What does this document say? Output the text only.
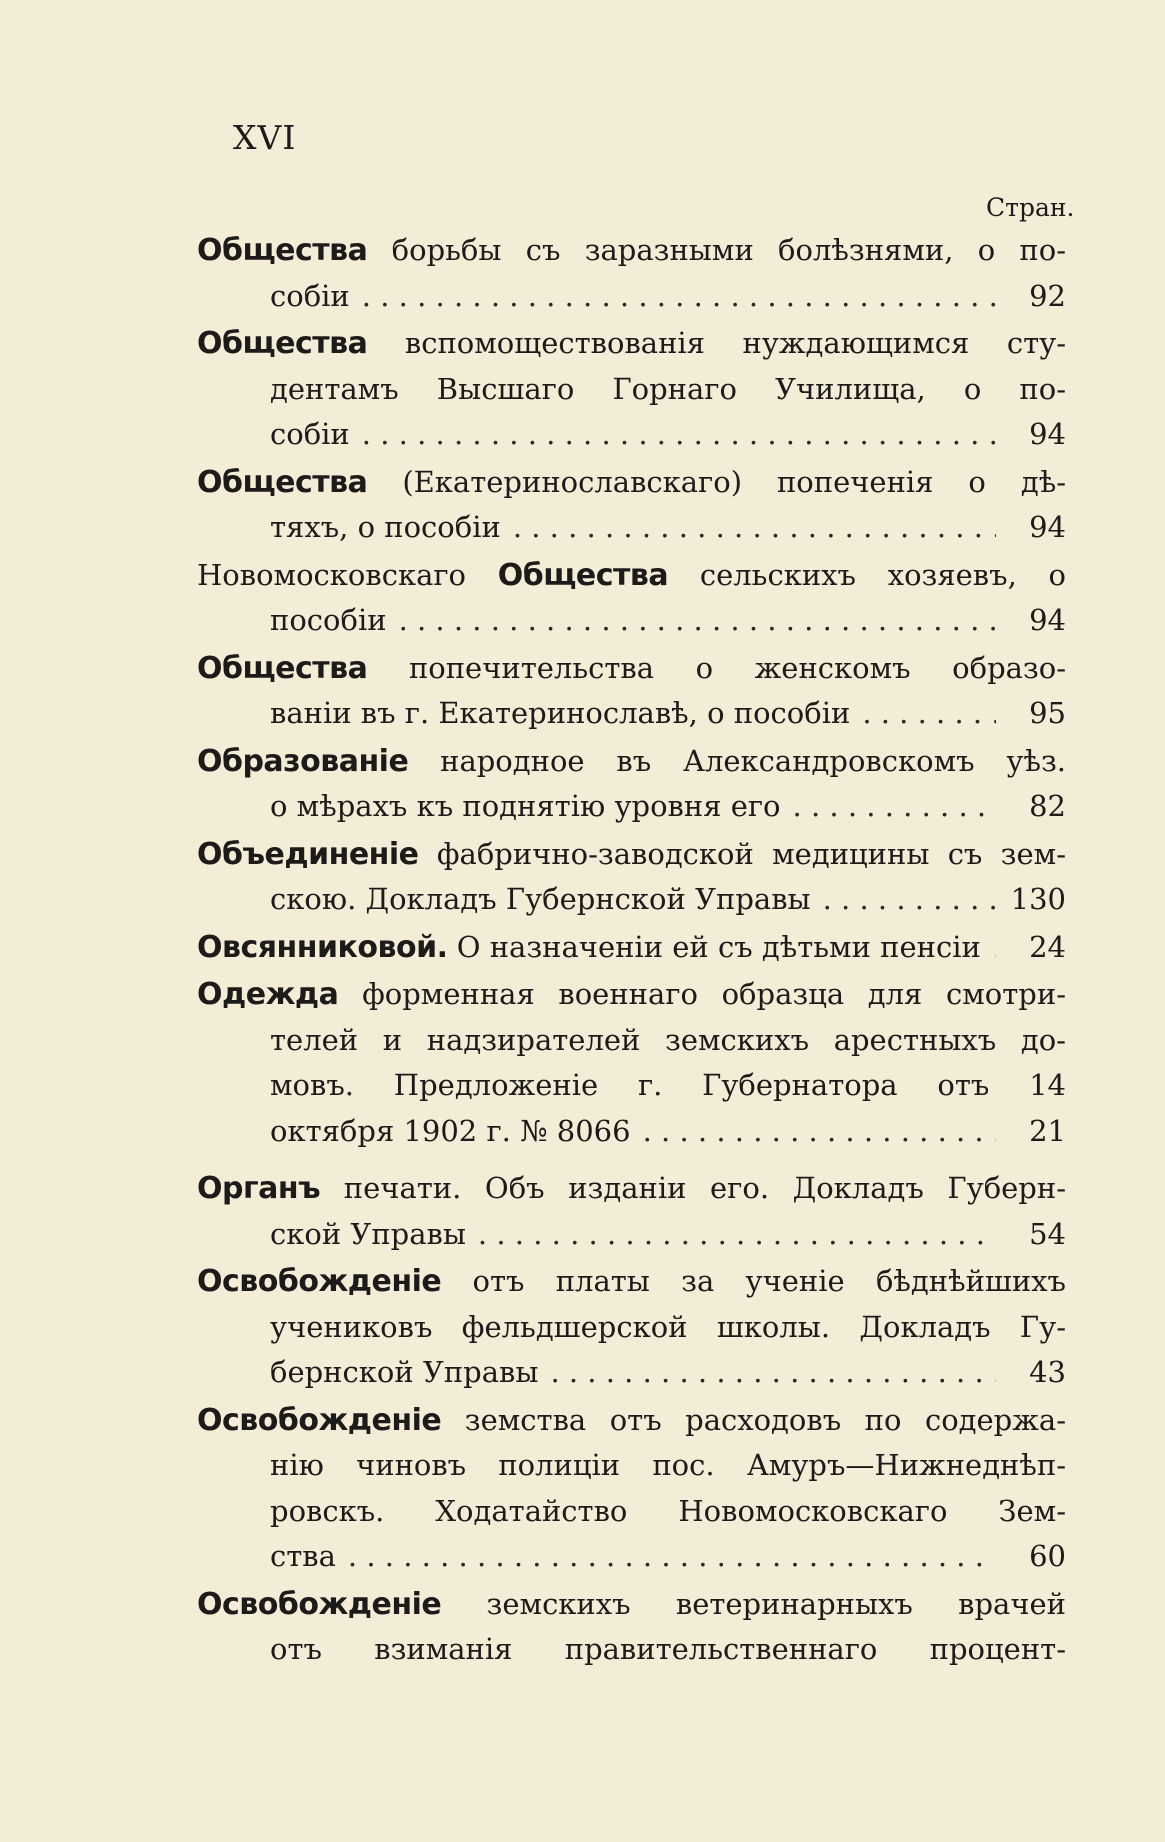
XVI
Стран.
Общества борьбы съ заразными болѣзнями, о по-
собіи . . .	92
Общества вспомоществованія нуждающимся сту-
дентамъ Высшаго Горнаго Училища, о по-
собіи . . .	94
Общества (Екатеринославскаго) попеченія о дѣ-
тяхъ, о пособіи . . .	94
Новомосковскаго Общества сельскихъ хозяевъ, о
пособіи . . .	94
Общества попечительства о женскомъ образо-
ваніи въ г. Екатеринославѣ, о пособіи . . .	95
Образованіе народное въ Александровскомъ уѣз.
о мѣрахъ къ поднятію уровня его . . .	82
Объединеніе фабрично-заводской медицины съ зем-
скою. Докладъ Губернской Управы . . .	130
Овсянниковой. О назначеніи ей съ дѣтьми пенсіи . . .	24
Одежда форменная военнаго образца для смотри-
телей и надзирателей земскихъ арестныхъ до-
мовъ. Предложеніе г. Губернатора отъ 14
октября 1902 г. № 8066 . . .	21
Органъ печати. Объ изданіи его. Докладъ Губерн-
ской Управы . . .	54
Освобожденіе отъ платы за ученіе бѣднѣйшихъ
учениковъ фельдшерской школы. Докладъ Гу-
бернской Управы . . .	43
Освобожденіе земства отъ расходовъ по содержа-
нію чиновъ полиціи пос. Амуръ—Нижнеднѣп-
ровскъ. Ходатайство Новомосковскаго Зем-
ства . . .	60
Освобожденіе земскихъ ветеринарныхъ врачей
отъ взиманія правительственнаго процент-
